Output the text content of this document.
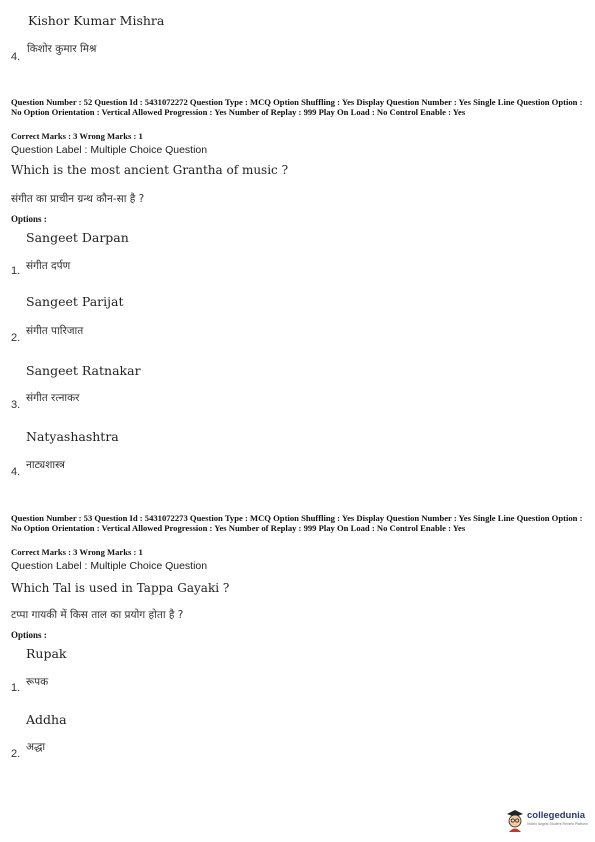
Kishor Kumar Mishra
4.
किशोर कुमार मिश्र
Question Number : 52 Question Id : 5431072272 Question Type : MCQ Option Shuffling : Yes Display Question Number : Yes Single Line Question Option : No Option Orientation : Vertical Allowed Progression : Yes Number of Replay : 999 Play On Load : No Control Enable : Yes
Correct Marks : 3 Wrong Marks : 1
Question Label : Multiple Choice Question
Which is the most ancient Grantha of music ?
संगीत का प्राचीन ग्रन्थ कौन-सा है ?
Options :
Sangeet Darpan
1. संगीत दर्पण
Sangeet Parijat
2.
संगीत पारिजात
Sangeet Ratnakar
3.
संगीत रत्नाकर
Natyashashtra
4.
नाट्यशास्त्र
Question Number : 53 Question Id : 5431072273 Question Type : MCQ Option Shuffling : Yes Display Question Number : Yes Single Line Question Option : No Option Orientation : Vertical Allowed Progression : Yes Number of Replay : 999 Play On Load : No Control Enable : Yes
Correct Marks : 3 Wrong Marks : 1
Question Label : Multiple Choice Question
Which Tal is used in Tappa Gayaki ?
टप्पा गायकी में किस ताल का प्रयोग होता है ?
Options :
Rupak
1. रूपक
Addha
2.
अद्धा
collegedunia
India's largest Student Review Platform
